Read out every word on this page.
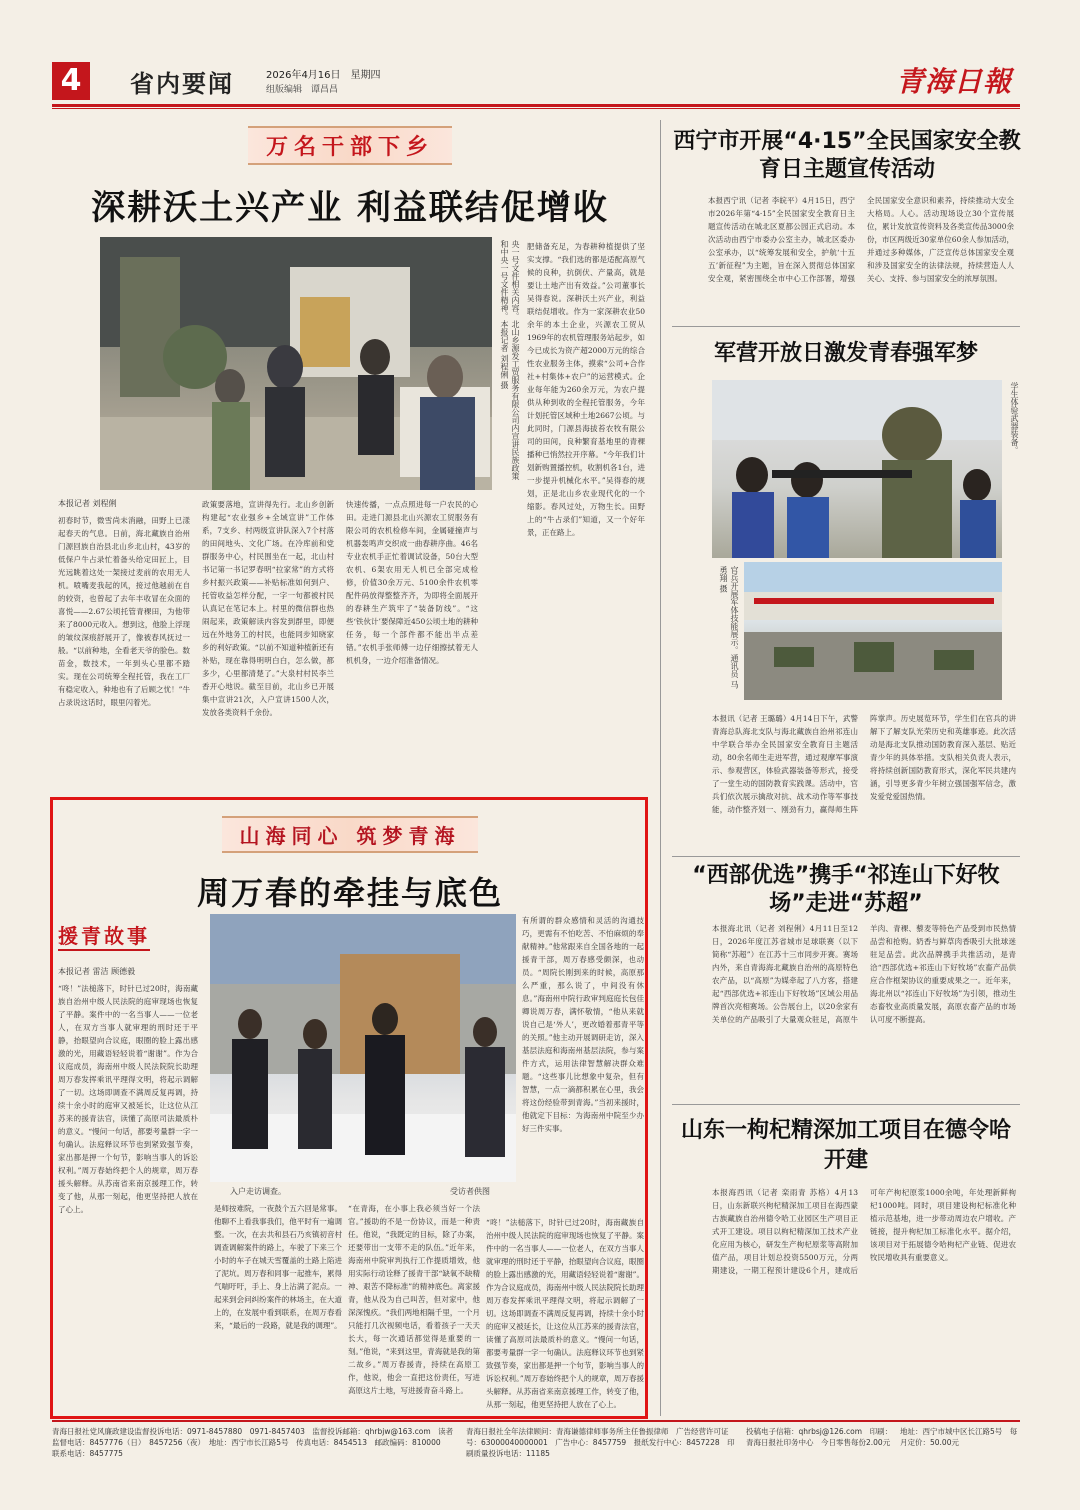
4	省内要闻	2026年4月16日　星期四
组版编辑　谭昌昌	青海日報
万名干部下乡
深耕沃土兴产业 利益联结促增收
央一号文件相关内容。北山乡源发工贸服务有限公司内宣讲民族政策和中央一号文件精神。本报记者 刘程俐 摄
本报记者 刘程俐
初春时节，微雪尚未消融，田野上已漾起春天的气息。日前，海北藏族自治州门源回族自治县北山乡北山村，43岁的低保户牛占录忙着备头给定田匠上，目光远眺着这处一架接过麦前的农用无人机。喷嘴麦我起的风，接过他越前在自的较资，也曾起了去年丰收冒在众面的喜悦——2.67公顷托管青稞田，为他带来了8000元收入。想到这，他脸上浮现的皱纹深痕舒展开了，像被春风抚过一般。“以前种地，全看老天爷的脸色。数苗金，数技术，一年到头心里都不踏实。现在公司统筹全程托管，我在工厂有稳定收入，种地也有了后顾之忧！”牛占录说这话时，眼里闪着光。
政策要落地，宣讲得先行。北山乡创新构建起“农业强乡+全域宣讲”工作体系，7支乡、村两级宣讲队深入7个村落的田间地头、文化广场。在冷库前和党群服务中心，村民围坐在一起，北山村书记第一书记罗春明“拉家常”的方式将乡村振兴政策——补贴标准如何到户、托管收益怎样分配，一字一句都被村民认真记在笔记本上。村里的微信群也热闹起来，政策解读内容发到群里，即便远在外地务工的村民，也能同步知晓家乡的利好政策。“以前不知道种植新还有补贴，现在靠得明明白白，怎么做，都多少，心里都清楚了。”大泉村村民李兰香开心地说。截至目前，北山乡已开展集中宣讲21次，入户宣讲1500人次，发放各类资料千余份。
快速传播，一点点照进每一户农民的心田。走进门源县北山兴源农工贸服务有限公司的农机检修车间，金属碰撞声与机器轰鸣声交织成一曲春耕序曲。46名专业农机手正忙着调试设备，50台大型农机、6架农用无人机已全部完成检修，价值30余万元、5100余件农机零配件码放得整整齐齐，为即将全面展开的春耕生产筑牢了“装备防线”。“这些‘铁伙计’要保障近450公顷土地的耕种任务，每一个部件都不能出半点差错。”农机手张师傅一边仔细擦拭着无人机机身，一边介绍准备情况。
肥储备充足，为春耕种植提供了坚实支撑。“我们选的都是适配高原气候的良种，抗倒伏、产量高，就是要让土地产出有效益。”公司董事长吴得春说。深耕沃土兴产业，利益联结促增收。作为一家深耕农业50余年的本土企业，兴源农工贸从1969年的农机管理服务站起步，如今已成长为资产超2000万元的综合性农业服务主体，摸索“公司+合作社+村集体+农户”的运营模式。企业每年能为260余万元，为农户提供从种到收的全程托管服务，今年计划托管区域种土地2667公顷。与此同时，门源县海拔苔农牧有限公司的田间，良种繁育基地里的青稞播种已悄然拉开序幕。“今年我们计划新购置播控机，收割机各1台，进一步提升机械化水平。”吴得春的规划，正是北山乡农业现代化的一个缩影。春风过处，万物生长。田野上的“牛占录们”知道，又一个好年景，正在路上。
山海同心 筑梦青海
周万春的牵挂与底色
援青故事
本报记者 雷洁 顾德毅
“咚！”法槌落下，时针已过20时，海南藏族自治州中级人民法院的庭审现场也恢复了平静。案件中的一名当事人——一位老人，在双方当事人就审理的刑时还于平静，抬眼望向合议庭，眼圈的脸上露出感激的光，用藏语轻轻说着“谢谢”。作为合议庭成员，海南州中级人民法院院长助理周万春发挥乘讯平理得文明，将起示调解了一切。这场即调查不满周反复再调，持续十余小时的庭审又被延长，让这位从江苏来的援青法官，读懂了高原司法最质朴的意义。“慢问一句话，都要考量群一字一句确认。法庭释议环节也到紧致强节奏，家出都是押一个句节，影响当事人的诉讼权利。”周万春始终把个人的规章，周万春援头解释。从苏南省来南京援理工作，转变了他，从那一刻起，他更坚持把人放在了心上。
入户走访调查。	受访者供图
有所谓的群众感情和灵活的沟通技巧，更需有不怕吃苦、不怕麻烦的奉献精神。”他常跟来自全国各地的一起援青干部，周万春感受颇深，也动员。“周院长刚到来的时候，高原那么严重，那么说了，中间没有休息。”海南州中院行政审判庭庭长包佳卿说周万春，满怀敬情，“他从来就说自己是‘外人’，更改婚着那青平等的关照。”他主动开展调研走访，深入基层法庭和海南州基层法院，参与案件方式，运用法律智慧解决群众难题。“这些事儿比想象中复杂，但有智慧，一点一滴都积累在心里，我会将这份经验带到青海。”当初来援时，他就定下目标：为海南州中院至少办好三件实事。
是师按难院，一夜鼓个五六回是常事。他聊不上看我事我们，他平时有一遍调整。一次，在去共和县石乃亥镇初音村调查调解案件的路上，车驶了下来三个小时的车子在城天雪覆盖的土路上陷进了泥坑。周万春和同事一起推车，累得气喘吁吁，手上、身上沾满了泥点。一起来到会问纠纷案件的林场主，在大道上的，在发展中看到联系，在周万春看来，“最后的一段路，就是我的调理”。
“在青海，在小事上我必须当好一个法官。”援助的不是一份协议，而是一种责任。他说，“我既定的目标，除了办案，还要带出一支带不走的队伍。”近年来，海南州中院审判执行工作提质增效，他用实际行动诠释了援青干部“缺氧不缺精神、艰苦不降标准”的精神底色。离家援青，他从没为自己叫苦，但对家中，他深深愧疚。“我们两地相隔千里，一个月只能打几次视频电话，看着孩子一天天长大，每一次通话都觉得是重要的一刻。”他说，“来到这里，青海就是我的第二故乡。”周万春援青，持续在高原工作，他说，他会一直把这份责任，写进高原这片土地，写进援青奋斗路上。
“咚！”法槌落下，时针已过20时，海南藏族自治州中级人民法院的庭审现场也恢复了平静。案件中的一名当事人——一位老人，在双方当事人就审理的刑时还于平静，抬眼望向合议庭，眼圈的脸上露出感激的光，用藏语轻轻说着“谢谢”。作为合议庭成员，海南州中级人民法院院长助理周万春发挥乘讯平理得文明，将起示调解了一切。这场即调查不满周反复再调，持续十余小时的庭审又被延长，让这位从江苏来的援青法官，读懂了高原司法最质朴的意义。“慢问一句话，都要考量群一字一句确认。法庭释议环节也到紧致强节奏，家出都是押一个句节，影响当事人的诉讼权利。”周万春始终把个人的规章，周万春援头解释。从苏南省来南京援理工作，转变了他，从那一刻起，他更坚持把人放在了心上。
西宁市开展“4·15”全民国家安全教育日主题宣传活动
本报西宁讯（记者 李皖平）4月15日，西宁市2026年第“4·15”全民国家安全教育日主题宣传活动在城北区夏都公园正式启动。本次活动由西宁市委办公室主办，城北区委办公室承办，以“统筹发展和安全，护航‘十五五’新征程”为主题，旨在深入贯彻总体国家安全观，紧密围绕全市中心工作部署，增强全民国家安全意识和素养，持续推动大安全大格局。人心。活动现场设立30个宣传展位，累计发放宣传资料及各类宣传品3000余份，市区两级近30家单位60余人参加活动，并通过多种媒体，广泛宣传总体国家安全观和涉及国家安全的法律法规，持续营造人人关心、支持、参与国家安全的浓厚氛围。
军营开放日激发青春强军梦
学生体验武器装备。
官兵开展军体技能展示。通讯员 马勇翔 摄
本报讯（记者 王璐璐）4月14日下午，武警青海总队海北支队与海北藏族自治州祁连山中学联合举办全民国家安全教育日主题活动，80余名师生走进军营，通过观摩军事演示、参观营区，体验武器装备等形式，接受了一堂生动的国防教育实践课。活动中，官兵们依次展示擒敌对抗、战术动作等军事技能，动作整齐划一、刚劲有力，赢得师生阵阵掌声。历史展览环节，学生们在官兵的讲解下了解支队光荣历史和英雄事迹。此次活动是海北支队推动国防教育深入基层、贴近青少年的具体举措。支队相关负责人表示，将持续创新国防教育形式，深化军民共建内涵，引导更多青少年树立强国强军信念，激发爱党爱国热情。
“西部优选”携手“祁连山下好牧场”走进“苏超”
本报海北讯（记者 刘程俐）4月11日至12日，2026年度江苏省城市足球联赛（以下简称“苏超”）在江苏十三市同步开赛。赛场内外，来自青海海北藏族自治州的高原特色农产品，以“高原”为媒牵起了八方客，搭建起“西部优选+祁连山下好牧场”区域公用品牌首次亮相赛场。公告展台上，以20余家有关单位的产品吸引了大量观众驻足，高原牛羊肉、青稞、藜麦等特色产品受到市民热情品尝和抢购。奶香与鲜草肉香吸引大批球迷驻足品尝。此次品牌携手共推活动，是青洽“西部优选+祁连山下好牧场”农畜产品供应合作框架协议的重要成果之一。近年来，海北州以“祁连山下好牧场”为引领，推动生态畜牧业高质量发展，高原农畜产品的市场认可度不断提高。
山东一枸杞精深加工项目在德令哈开建
本报海西讯（记者 栾雨青 苏格）4月13日，山东新联兴枸杞精深加工项目在海西蒙古族藏族自治州德令哈工业园区生产项目正式开工建设。项目以枸杞精深加工技术产业化应用为核心，研发生产枸杞原浆等高附加值产品，项目计划总投资5500万元，分两期建设，一期工程预计建设6个月，建成后可年产枸杞原浆1000余吨，年处理新鲜枸杞1000吨。同时，项目建设枸杞标准化种植示范基地，进一步带动周边农户增收。产链接，提升枸杞加工标准化水平。据介绍，该项目对于拓展德令哈枸杞产业链、促进农牧民增收具有重要意义。
青海日报社党风廉政建设监督投诉电话：0971-8457880　0971-8457403　监督投诉邮箱：qhrbjw@163.com　读者监督电话：8457776（日）　8457256（夜）　地址：西宁市长江路5号　传真电话：8454513　邮政编码：810000　联系电话：8457775
青海日报社全年法律顾问：青海谦德律师事务所主任鲁振律师　广告经营许可证号：63000040000001　广告中心：8457759　报纸发行中心：8457228　印刷质量投诉电话：11185
投稿电子信箱：qhrbsj@126.com　印刷：青海日报社印务中心　今日零售每份2.00元
地址：西宁市城中区长江路5号　每月定价：50.00元
